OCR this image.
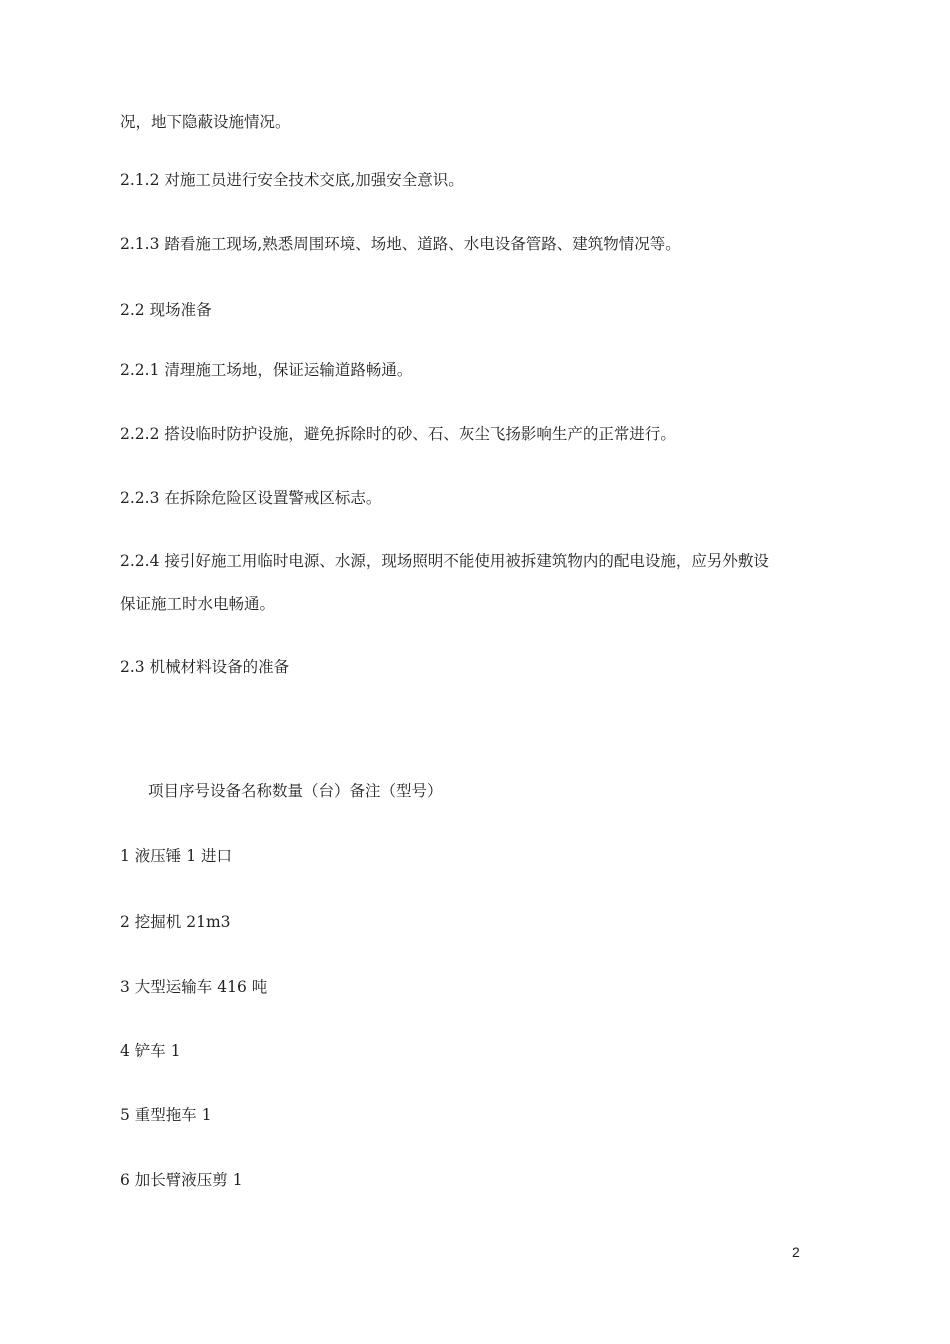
况，地下隐蔽设施情况。

2.1.2 对施工员进行安全技术交底,加强安全意识。

2.1.3 踏看施工现场,熟悉周围环境、场地、道路、水电设备管路、建筑物情况等。

2.2 现场准备

2.2.1 清理施工场地，保证运输道路畅通。

2.2.2 搭设临时防护设施，避免拆除时的砂、石、灰尘飞扬影响生产的正常进行。

2.2.3 在拆除危险区设置警戒区标志。

2.2.4 接引好施工用临时电源、水源，现场照明不能使用被拆建筑物内的配电设施，应另外敷设

保证施工时水电畅通。

2.3 机械材料设备的准备

项目序号设备名称数量（台）备注（型号）

1 液压锤 1 进口

2 挖掘机 21m3

3 大型运输车 416 吨

4 铲车 1

5 重型拖车 1

6 加长臂液压剪 1

2
